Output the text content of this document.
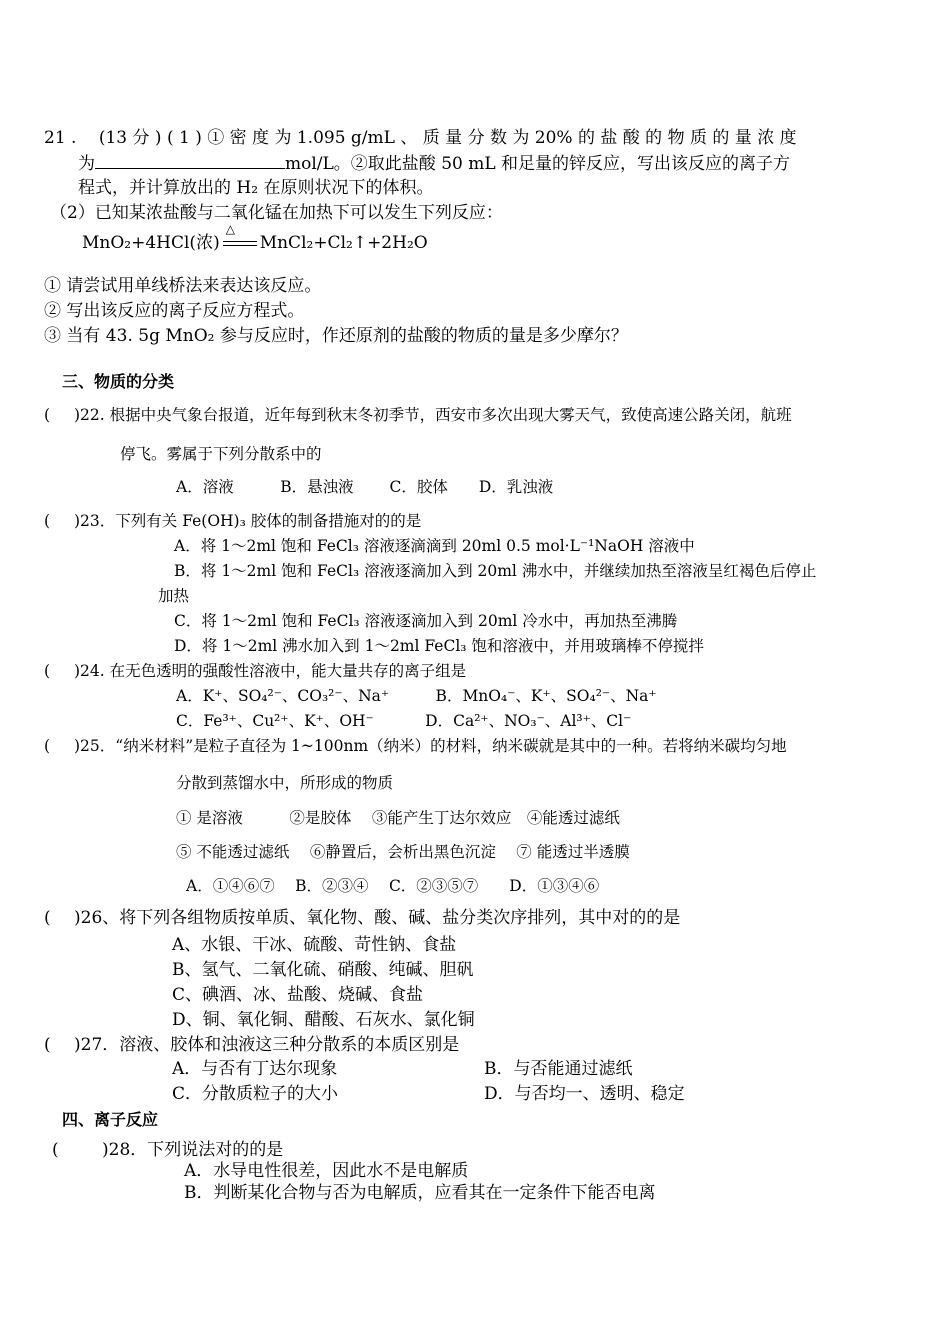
21 .　 (13 分 ) ( 1 ) ① 密 度 为 1.095 g/mL 、 质 量 分 数 为 20% 的 盐 酸 的 物 质 的 量 浓 度
为	mol/L。②取此盐酸 50 mL 和足量的锌反应，写出该反应的离子方
程式，并计算放出的 H₂ 在原则状况下的体积。
（2）已知某浓盐酸与二氧化锰在加热下可以发生下列反应：
MnO₂+4HCl(浓)
△
MnCl₂+Cl₂↑+2H₂O
① 请尝试用单线桥法来表达该反应。
② 写出该反应的离子反应方程式。
③ 当有 43. 5g MnO₂ 参与反应时，作还原剂的盐酸的物质的量是多少摩尔？
三、物质的分类
( )22. 根据中央气象台报道，近年每到秋末冬初季节，西安市多次出现大雾天气，致使高速公路关闭，航班
停飞。雾属于下列分散系中的
A．溶液　　　B．悬浊液　　 C．胶体　　D．乳浊液
( )23．下列有关 Fe(OH)₃ 胶体的制备措施对的的是
A．将 1～2ml 饱和 FeCl₃ 溶液逐滴滴到 20ml 0.5 mol·L⁻¹NaOH 溶液中
B．将 1～2ml 饱和 FeCl₃ 溶液逐滴加入到 20ml 沸水中，并继续加热至溶液呈红褐色后停止
加热
C．将 1～2ml 饱和 FeCl₃ 溶液逐滴加入到 20ml 冷水中，再加热至沸腾
D．将 1～2ml 沸水加入到 1～2ml FeCl₃ 饱和溶液中，并用玻璃棒不停搅拌
( )24. 在无色透明的强酸性溶液中，能大量共存的离子组是
A．K⁺、SO₄²⁻、CO₃²⁻、Na⁺　　　B．MnO₄⁻、K⁺、SO₄²⁻、Na⁺
C．Fe³⁺、Cu²⁺、K⁺、OH⁻　　　 D．Ca²⁺、NO₃⁻、Al³⁺、Cl⁻
( )25．“纳米材料”是粒子直径为 1~100nm（纳米）的材料，纳米碳就是其中的一种。若将纳米碳均匀地
分散到蒸馏水中，所形成的物质
① 是溶液　　　②是胶体　 ③能产生丁达尔效应　④能透过滤纸
⑤ 不能透过滤纸　 ⑥静置后，会析出黑色沉淀　 ⑦ 能透过半透膜
A．①④⑥⑦　 B．②③④　 C．②③⑤⑦　　D．①③④⑥
( )26、将下列各组物质按单质、氧化物、酸、碱、盐分类次序排列，其中对的的是
A、水银、干冰、硫酸、苛性钠、食盐
B、氢气、二氧化硫、硝酸、纯碱、胆矾
C、碘酒、冰、盐酸、烧碱、食盐
D、铜、氧化铜、醋酸、石灰水、氯化铜
( )27．溶液、胶体和浊液这三种分散系的本质区别是
A．与否有丁达尔现象	B．与否能通过滤纸
C．分散质粒子的大小	D．与否均一、透明、稳定
四、离子反应
(	)28．下列说法对的的是
A．水导电性很差，因此水不是电解质
B．判断某化合物与否为电解质，应看其在一定条件下能否电离
